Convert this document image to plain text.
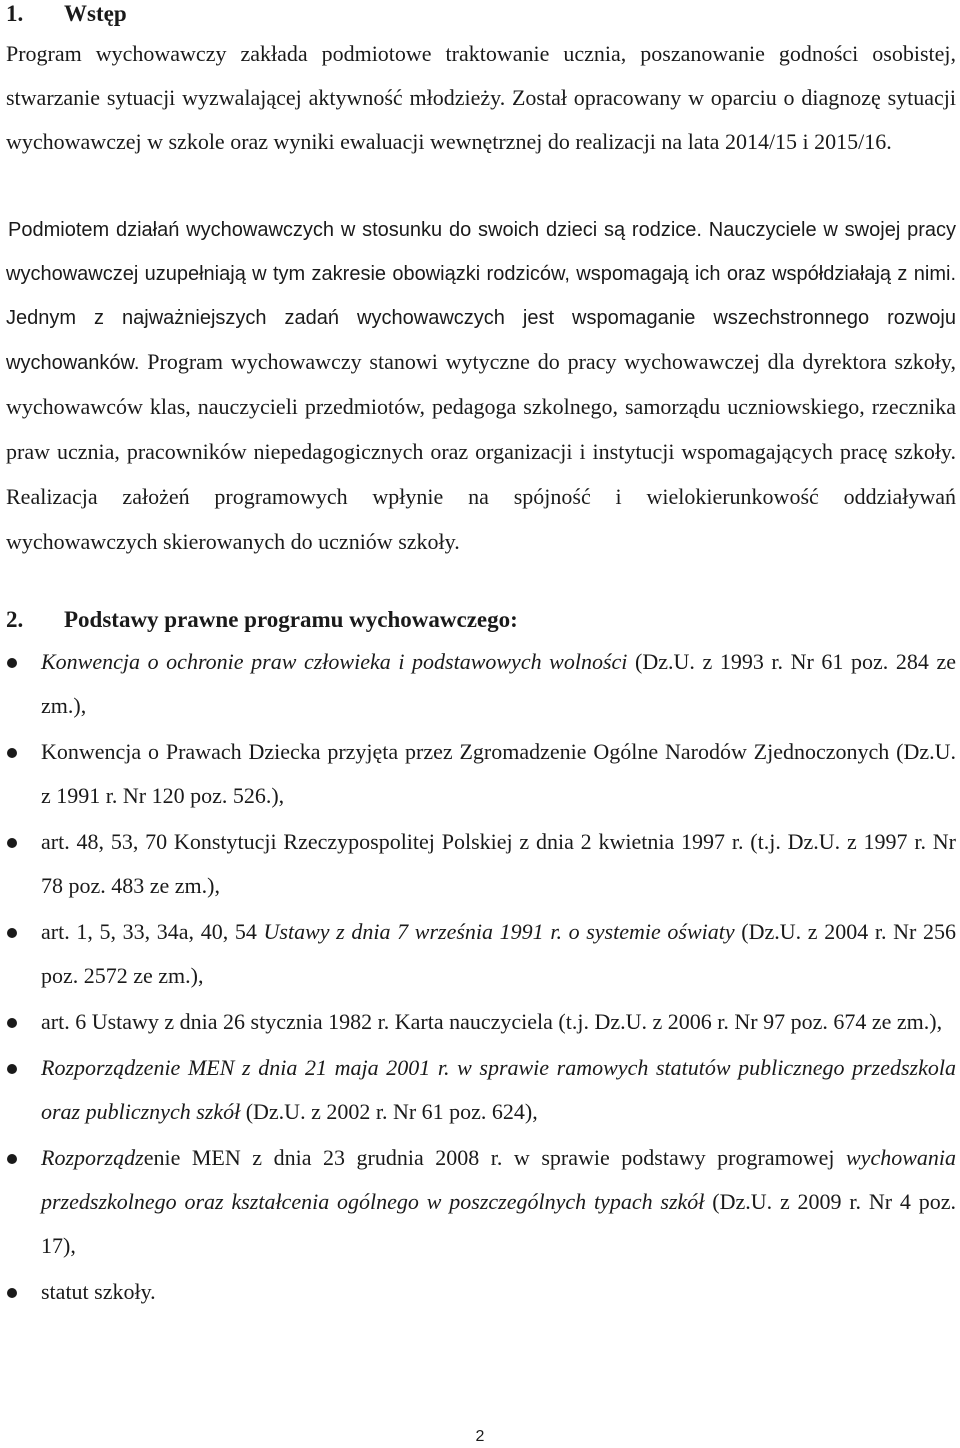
1. Wstęp

Program wychowawczy zakłada podmiotowe traktowanie ucznia, poszanowanie godności osobistej, stwarzanie sytuacji wyzwalającej aktywność młodzieży. Został opracowany w oparciu o diagnozę sytuacji wychowawczej w szkole oraz wyniki ewaluacji wewnętrznej do realizacji na lata 2014/15 i 2015/16.

Podmiotem działań wychowawczych w stosunku do swoich dzieci są rodzice. Nauczyciele w swojej pracy wychowawczej uzupełniają w tym zakresie obowiązki rodziców, wspomagają ich oraz współdziałają z nimi. Jednym z najważniejszych zadań wychowawczych jest wspomaganie wszechstronnego rozwoju wychowanków. Program wychowawczy stanowi wytyczne do pracy wychowawczej dla dyrektora szkoły, wychowawców klas, nauczycieli przedmiotów, pedagoga szkolnego, samorządu uczniowskiego, rzecznika praw ucznia, pracowników niepedagogicznych oraz organizacji i instytucji wspomagających pracę szkoły. Realizacja założeń programowych wpłynie na spójność i wielokierunkowość oddziaływań wychowawczych skierowanych do uczniów szkoły.

2. Podstawy prawne programu wychowawczego:
Konwencja o ochronie praw człowieka i podstawowych wolności (Dz.U. z 1993 r. Nr 61 poz. 284 ze zm.),
Konwencja o Prawach Dziecka przyjęta przez Zgromadzenie Ogólne Narodów Zjednoczonych (Dz.U. z 1991 r. Nr 120 poz. 526.),
art. 48, 53, 70 Konstytucji Rzeczypospolitej Polskiej z dnia 2 kwietnia 1997 r. (t.j. Dz.U. z 1997 r. Nr 78 poz. 483 ze zm.),
art. 1, 5, 33, 34a, 40, 54 Ustawy z dnia 7 września 1991 r. o systemie oświaty (Dz.U. z 2004 r. Nr 256 poz. 2572 ze zm.),
art. 6 Ustawy z dnia 26 stycznia 1982 r. Karta nauczyciela (t.j. Dz.U. z 2006 r. Nr 97 poz. 674 ze zm.),
Rozporządzenie MEN z dnia 21 maja 2001 r. w sprawie ramowych statutów publicznego przedszkola oraz publicznych szkół (Dz.U. z 2002 r. Nr 61 poz. 624),
Rozporządzenie MEN z dnia 23 grudnia 2008 r. w sprawie podstawy programowej wychowania przedszkolnego oraz kształcenia ogólnego w poszczególnych typach szkół (Dz.U. z 2009 r. Nr 4 poz. 17),
statut szkoły.
2
